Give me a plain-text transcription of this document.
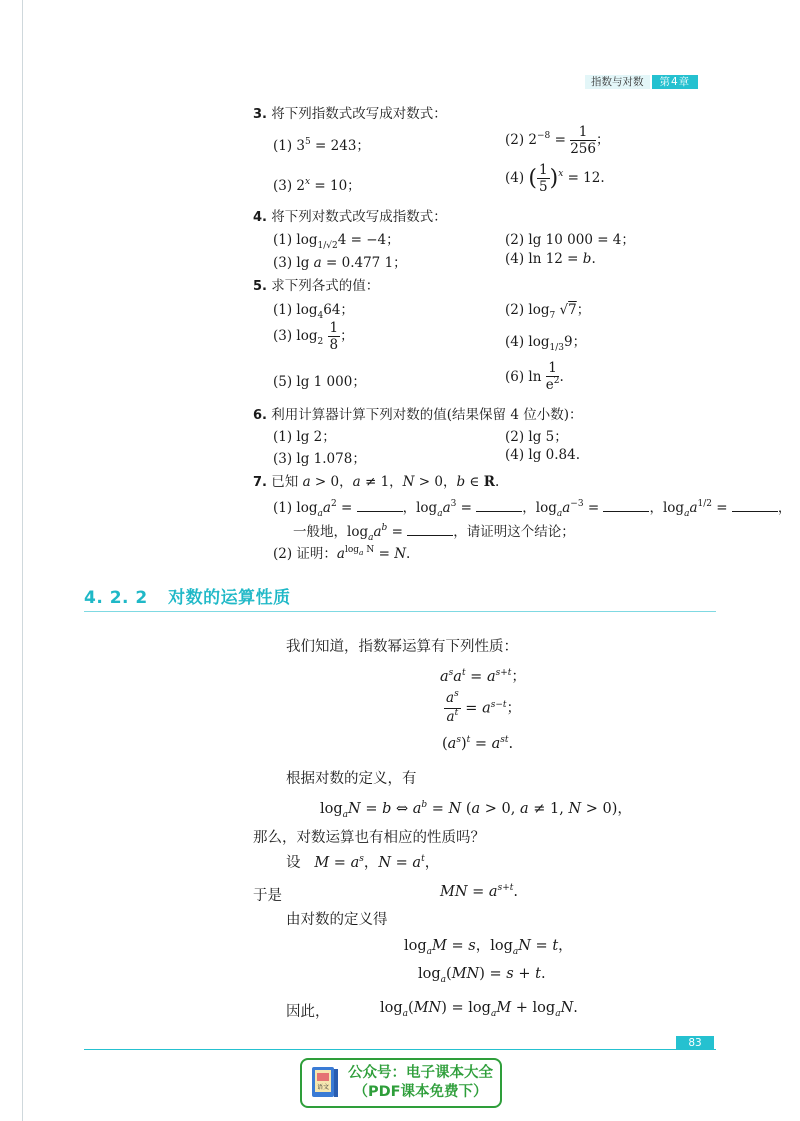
指数与对数	第4章
3. 将下列指数式改写成对数式：
(1) $3^5 = 243$；	(2) $2^{-8} = \frac{1}{256}$ ；
(3) $2^x = 10$；	(4) ( $\frac{1}{5} )^x = 12$.
4. 将下列对数式改写成指数式：
(1) $\log_{1/√2}4 = -4$；	(2) lg 10 000 = 4；
(3) lg a = 0.477 1；	(4) ln 12 = b.
5. 求下列各式的值：
(1) $\log_464$；	(2) $\log_7 √7$；
(3) $\log_2 \frac{1}{8}$ ；	(4) $\log_{1/3}9$；
(5) lg 1 000；	(6) $\ln \frac{1}{e^2}$ .
6. 利用计算器计算下列对数的值(结果保留 4 位小数)：
(1) lg 2；	(2) lg 5；
(3) lg 1.078；	(4) lg 0.84.
7. 已知 a > 0，a ≠ 1，N > 0，b ∈ R.
(1) $\log_aa^2$ =	，$\log_aa^3$ =	，$\log_aa^{-3}$ =	，$\log_aa^{1/2}$ =	，
一般地，$\log_aa^b$ =	，请证明这个结论；
(2) 证明：$a^{log_a N} = N$.
4. 2. 2 对数的运算性质
我们知道，指数幂运算有下列性质：
$a^sa^t = a^{s+t}$；
$\frac{a^s}{a^t} = a^{s-t}$；
$(a^s)^t = a^{st}$.
根据对数的定义，有
$\log_aN = b$ ⇔ $a^b = N$ (a > 0, a ≠ 1, N > 0)，
那么，对数运算也有相应的性质吗？
设 $M = a^s$，$N = a^t$，
于是	MN = $a^{s+t}$.
由对数的定义得
$\log_aM = s$，$\log_aN = t$，
$\log_a(MN) = s + t$.
因此，	$\log_a(MN) = \log_aM + \log_aN$.
83
语文
公众号：电子课本大全
（PDF课本免费下）
